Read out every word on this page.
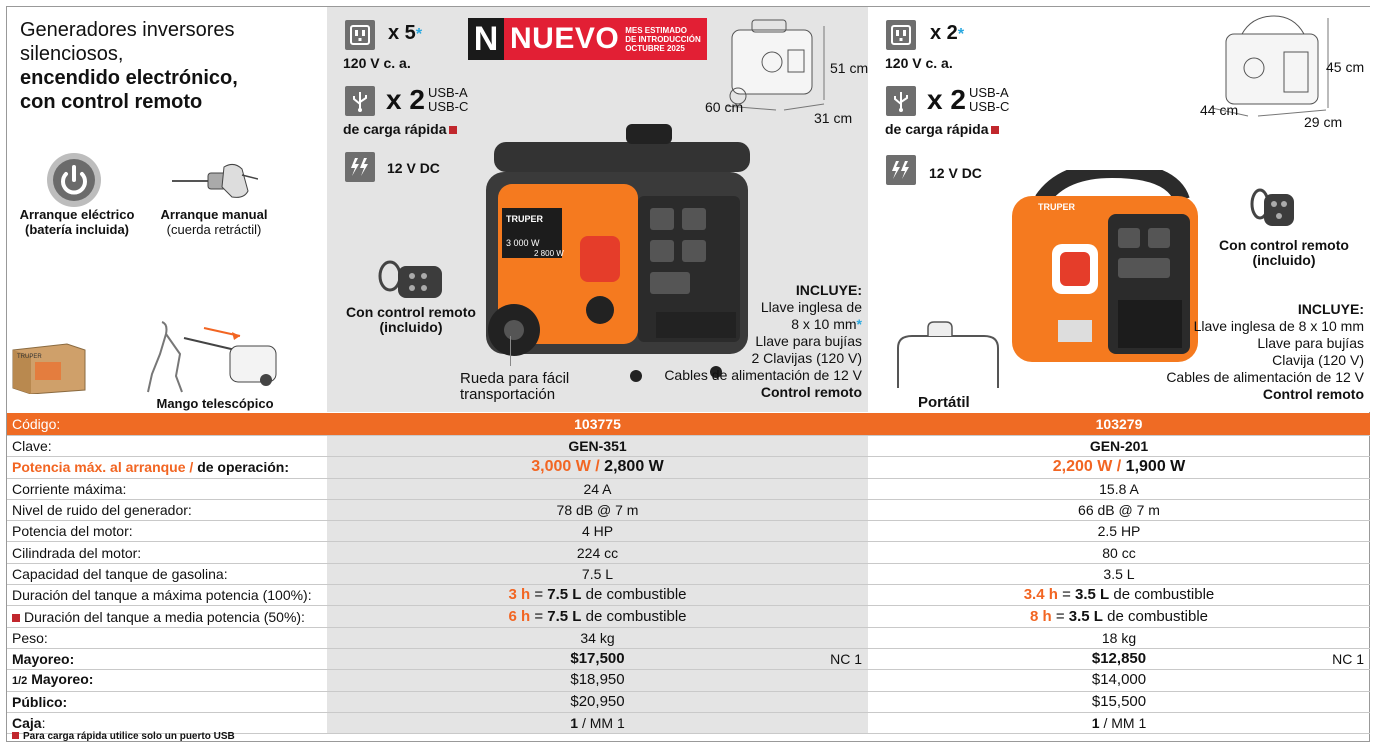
Generadores inversores silenciosos,
encendido electrónico,
con control remoto
Arranque eléctrico
(batería incluida)
Arranque manual
(cuerda retráctil)
TRUPER
Mango telescópico
x 5*
120 V c. a.
x 2 USB-A
USB-C
de carga rápida
12 V DC
N NUEVO MES ESTIMADO
DE INTRODUCCIÓN
OCTUBRE 2025
51 cm
60 cm
31 cm
TRUPER
3 000 W
2 800 W
Con control remoto
(incluido)
Rueda para fácil
transportación
INCLUYE:
Llave inglesa de
8 x 10 mm*
Llave para bujías
2 Clavijas (120 V)
Cables de alimentación de 12 V
Control remoto
x 2*
120 V c. a.
x 2 USB-A
USB-C
de carga rápida
12 V DC
45 cm
44 cm
29 cm
TRUPER
Con control remoto
(incluido)
INCLUYE:
Llave inglesa de 8 x 10 mm
Llave para bujías
Clavija (120 V)
Cables de alimentación de 12 V
Control remoto
Portátil
Código:	103775	103279
Clave:	GEN-351	GEN-201
Potencia máx. al arranque / de operación:	3,000 W / 2,800 W	2,200 W / 1,900 W
Corriente máxima:	24 A	15.8 A
Nivel de ruido del generador:	78 dB @ 7 m	66 dB @ 7 m
Potencia del motor:	4 HP	2.5 HP
Cilindrada del motor:	224 cc	80 cc
Capacidad del tanque de gasolina:	7.5 L	3.5 L
Duración del tanque a máxima potencia (100%):	3 h = 7.5 L de combustible	3.4 h = 3.5 L de combustible
Duración del tanque a media potencia (50%):	6 h = 7.5 L de combustible	8 h = 3.5 L de combustible
Peso:	34 kg	18 kg
Mayoreo:	$17,500 NC 1	$12,850 NC 1

1/2 Mayoreo:	$18,950	$14,000
Público:	$20,950	$15,500
Caja:	1 / MM 1	1 / MM 1
Para carga rápida utilice solo un puerto USB
